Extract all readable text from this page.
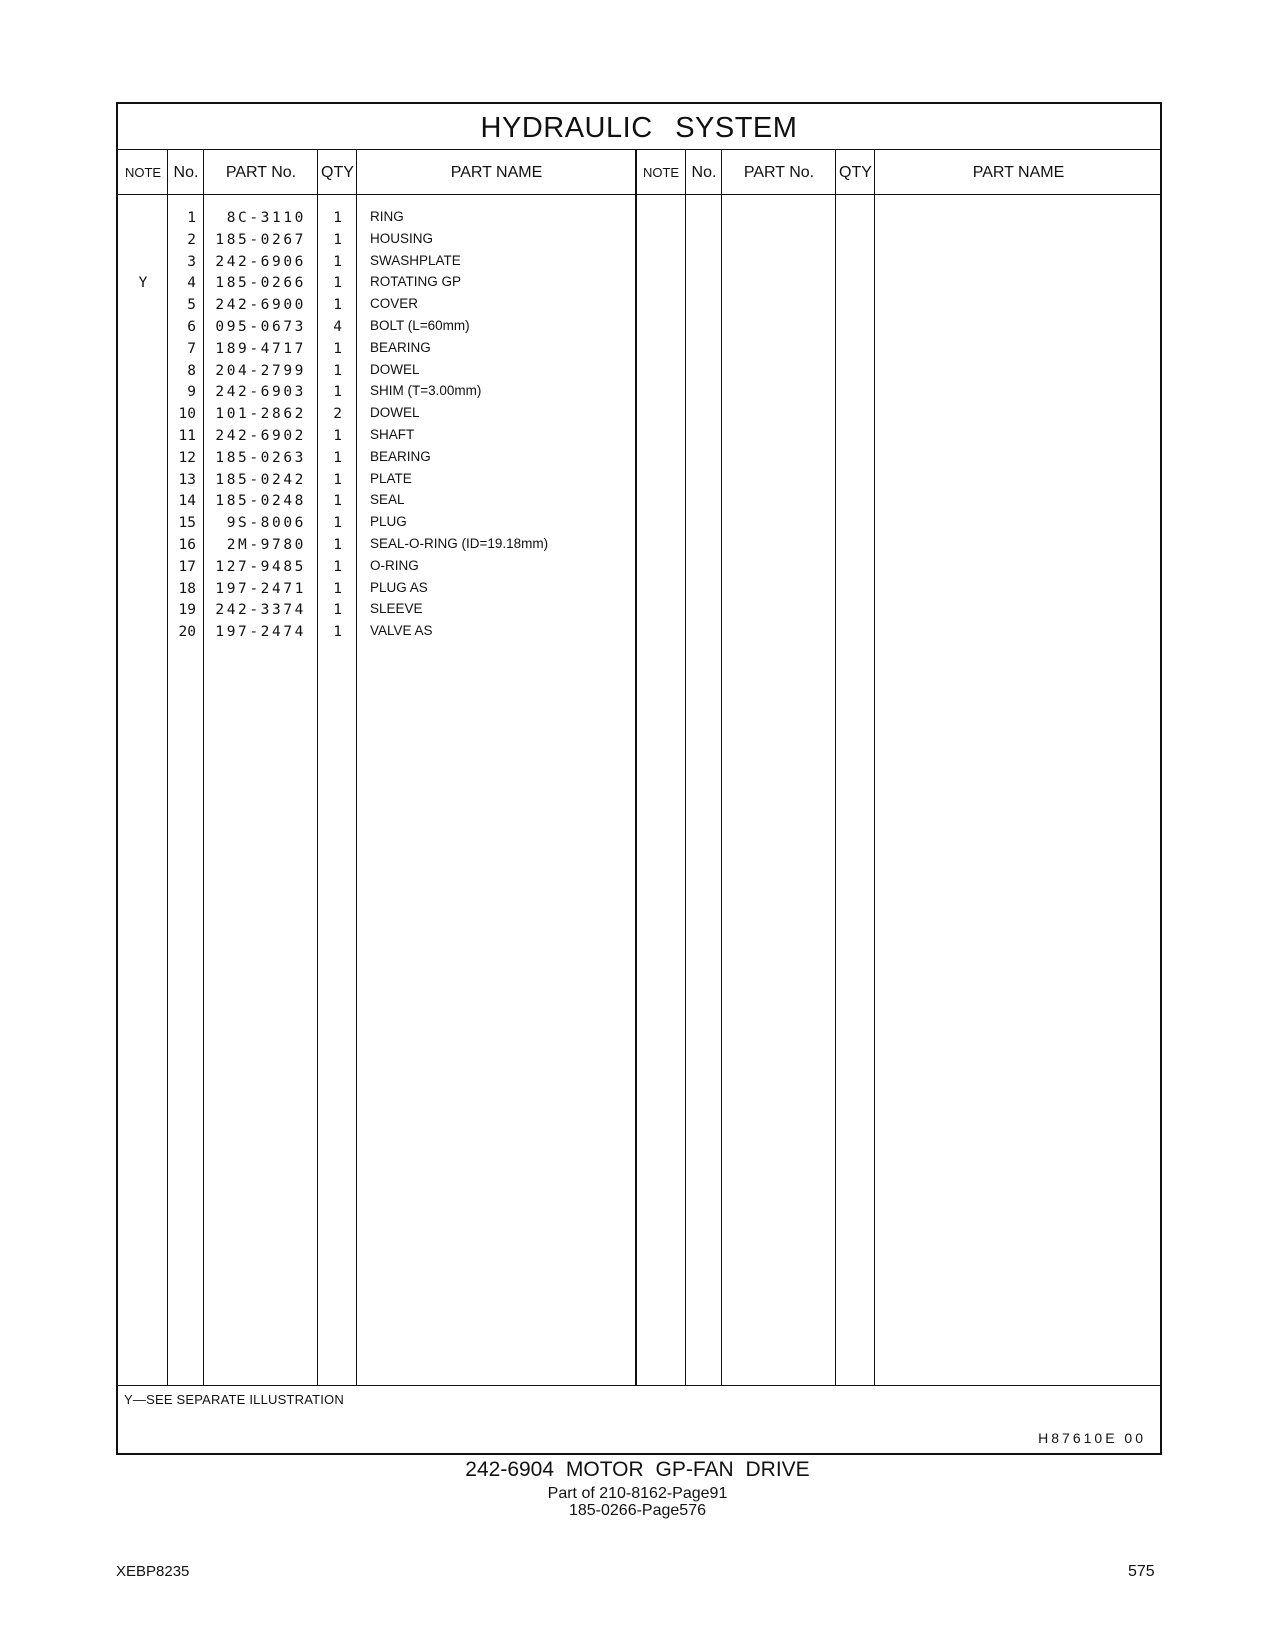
HYDRAULIC SYSTEM
NOTE No.	PART No.	QTY	PART NAME	NOTE No.	PART No.	QTY	PART NAME
1	8C-3110	1 RING
2	185-0267	1 HOUSING
3	242-6906	1 SWASHPLATE
Y	4	185-0266	1 ROTATING GP
5	242-6900	1 COVER
6	095-0673	4 BOLT (L=60mm)
7	189-4717	1 BEARING
8	204-2799	1 DOWEL
9	242-6903	1 SHIM (T=3.00mm)
10	101-2862	2 DOWEL
11	242-6902	1 SHAFT
12	185-0263	1 BEARING
13	185-0242	1 PLATE
14	185-0248	1 SEAL
15	9S-8006	1 PLUG
16	2M-9780	1 SEAL-O-RING (ID=19.18mm)
17	127-9485	1 O-RING
18	197-2471	1 PLUG AS
19	242-3374	1 SLEEVE
20	197-2474	1 VALVE AS
Y—SEE SEPARATE ILLUSTRATION
H87610E 00
242-6904 MOTOR GP-FAN DRIVE
Part of 210-8162-Page91
185-0266-Page576
XEBP8235	575
